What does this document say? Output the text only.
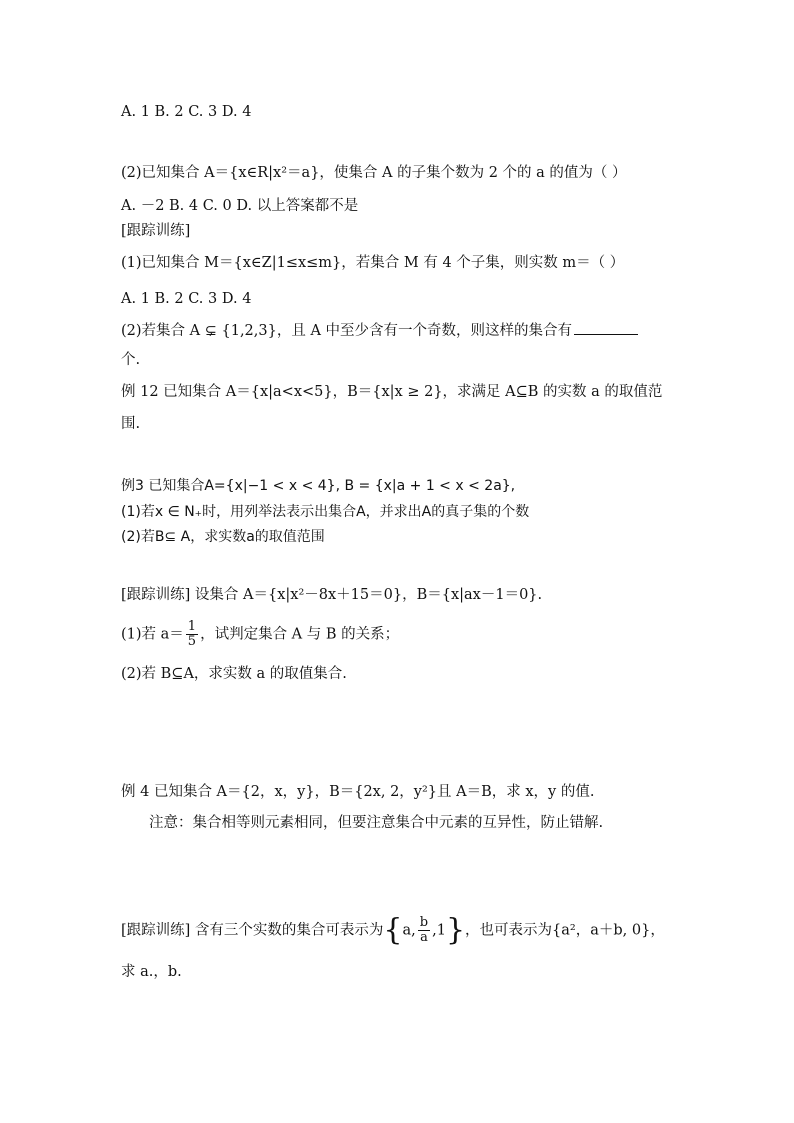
A. 1 B. 2 C. 3 D. 4
(2)已知集合 A＝{x∈R|x²＝a}，使集合 A 的子集个数为 2 个的 a 的值为（ ）
A. －2 B. 4 C. 0 D. 以上答案都不是
[跟踪训练]
(1)已知集合 M＝{x∈Z|1≤x≤m}，若集合 M 有 4 个子集，则实数 m＝（ ）
A. 1 B. 2 C. 3 D. 4
(2)若集合 A ⊊ {1,2,3}，且 A 中至少含有一个奇数，则这样的集合有
个.
例 12 已知集合 A＝{x|a<x<5}，B＝{x|x ≥ 2}，求满足 A⊆B 的实数 a 的取值范
围.
例3 已知集合A={x|−1 < x < 4}, B = {x|a + 1 < x < 2a},
(1)若x ∈ N₊时，用列举法表示出集合A，并求出A的真子集的个数
(2)若B⊆ A，求实数a的取值范围
[跟踪训练] 设集合 A＝{x|x²－8x＋15＝0}，B＝{x|ax－1＝0}.
(1)若 $a= \frac{1}{5}$ ，试判定集合 A 与 B 的关系；
(2)若 B⊆A，求实数 a 的取值集合.
例 4 已知集合 A＝{2，x，y}，B＝{2x, 2，y²}且 A＝B，求 x，y 的值.
注意：集合相等则元素相同，但要注意集合中元素的互异性，防止错解.
[跟踪训练] 含有三个实数的集合可表示为{a, $\frac{b}{a} ,1$}，也可表示为{a²，a＋b, 0}，
求 a.，b.
